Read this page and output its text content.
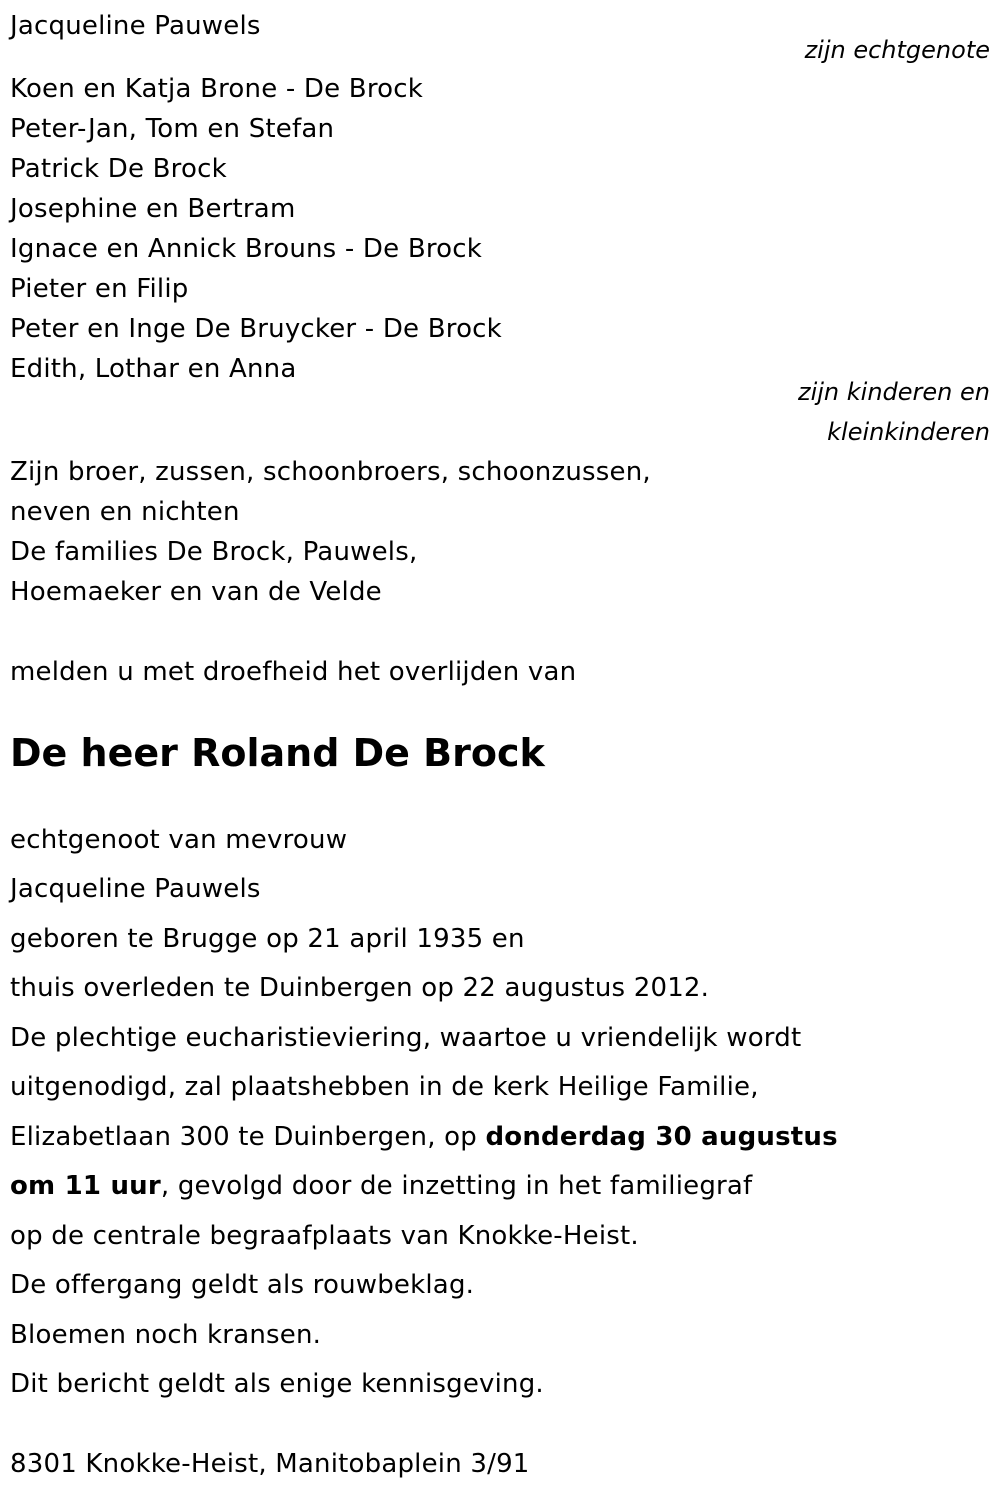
Jacqueline Pauwels
zijn echtgenote
Koen en Katja Brone - De Brock
Peter-Jan, Tom en Stefan
Patrick De Brock
Josephine en Bertram
Ignace en Annick Brouns - De Brock
Pieter en Filip
Peter en Inge De Bruycker - De Brock
Edith, Lothar en Anna
zijn kinderen en
kleinkinderen
Zijn broer, zussen, schoonbroers, schoonzussen,
neven en nichten
De families De Brock, Pauwels,
Hoemaeker en van de Velde
melden u met droefheid het overlijden van
De heer Roland De Brock
echtgenoot van mevrouw
Jacqueline Pauwels
geboren te Brugge op 21 april 1935 en
thuis overleden te Duinbergen op 22 augustus 2012.
De plechtige eucharistieviering, waartoe u vriendelijk wordt
uitgenodigd, zal plaatshebben in de kerk Heilige Familie,
Elizabetlaan 300 te Duinbergen, op donderdag 30 augustus
om 11 uur, gevolgd door de inzetting in het familiegraf
op de centrale begraafplaats van Knokke-Heist.
De offergang geldt als rouwbeklag.
Bloemen noch kransen.
Dit bericht geldt als enige kennisgeving.
8301 Knokke-Heist, Manitobaplein 3/91
